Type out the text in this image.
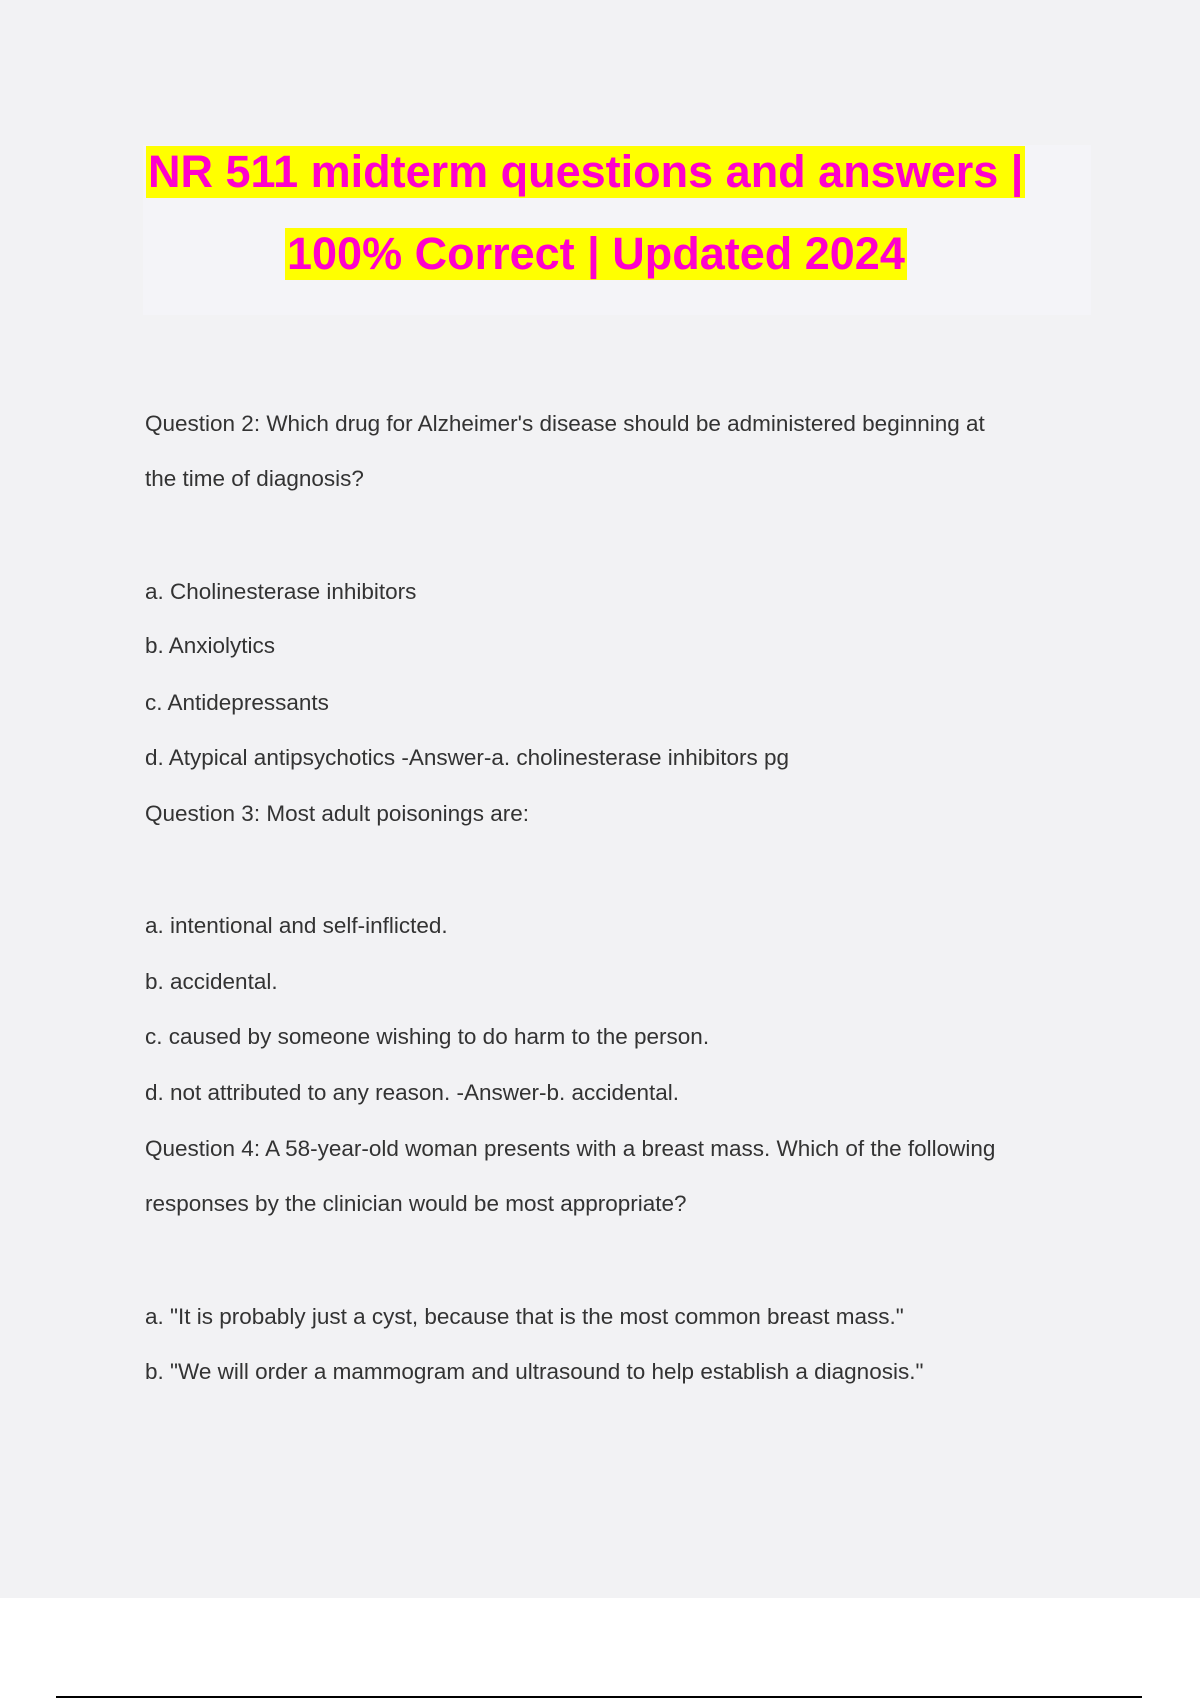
NR 511 midterm questions and answers |
100% Correct | Updated 2024
Question 2: Which drug for Alzheimer's disease should be administered beginning at
the time of diagnosis?
a. Cholinesterase inhibitors
b. Anxiolytics
c. Antidepressants
d. Atypical antipsychotics -Answer-a. cholinesterase inhibitors pg
Question 3: Most adult poisonings are:
a. intentional and self-inflicted.
b. accidental.
c. caused by someone wishing to do harm to the person.
d. not attributed to any reason. -Answer-b. accidental.
Question 4: A 58-year-old woman presents with a breast mass. Which of the following
responses by the clinician would be most appropriate?
a. "It is probably just a cyst, because that is the most common breast mass."
b. "We will order a mammogram and ultrasound to help establish a diagnosis."
